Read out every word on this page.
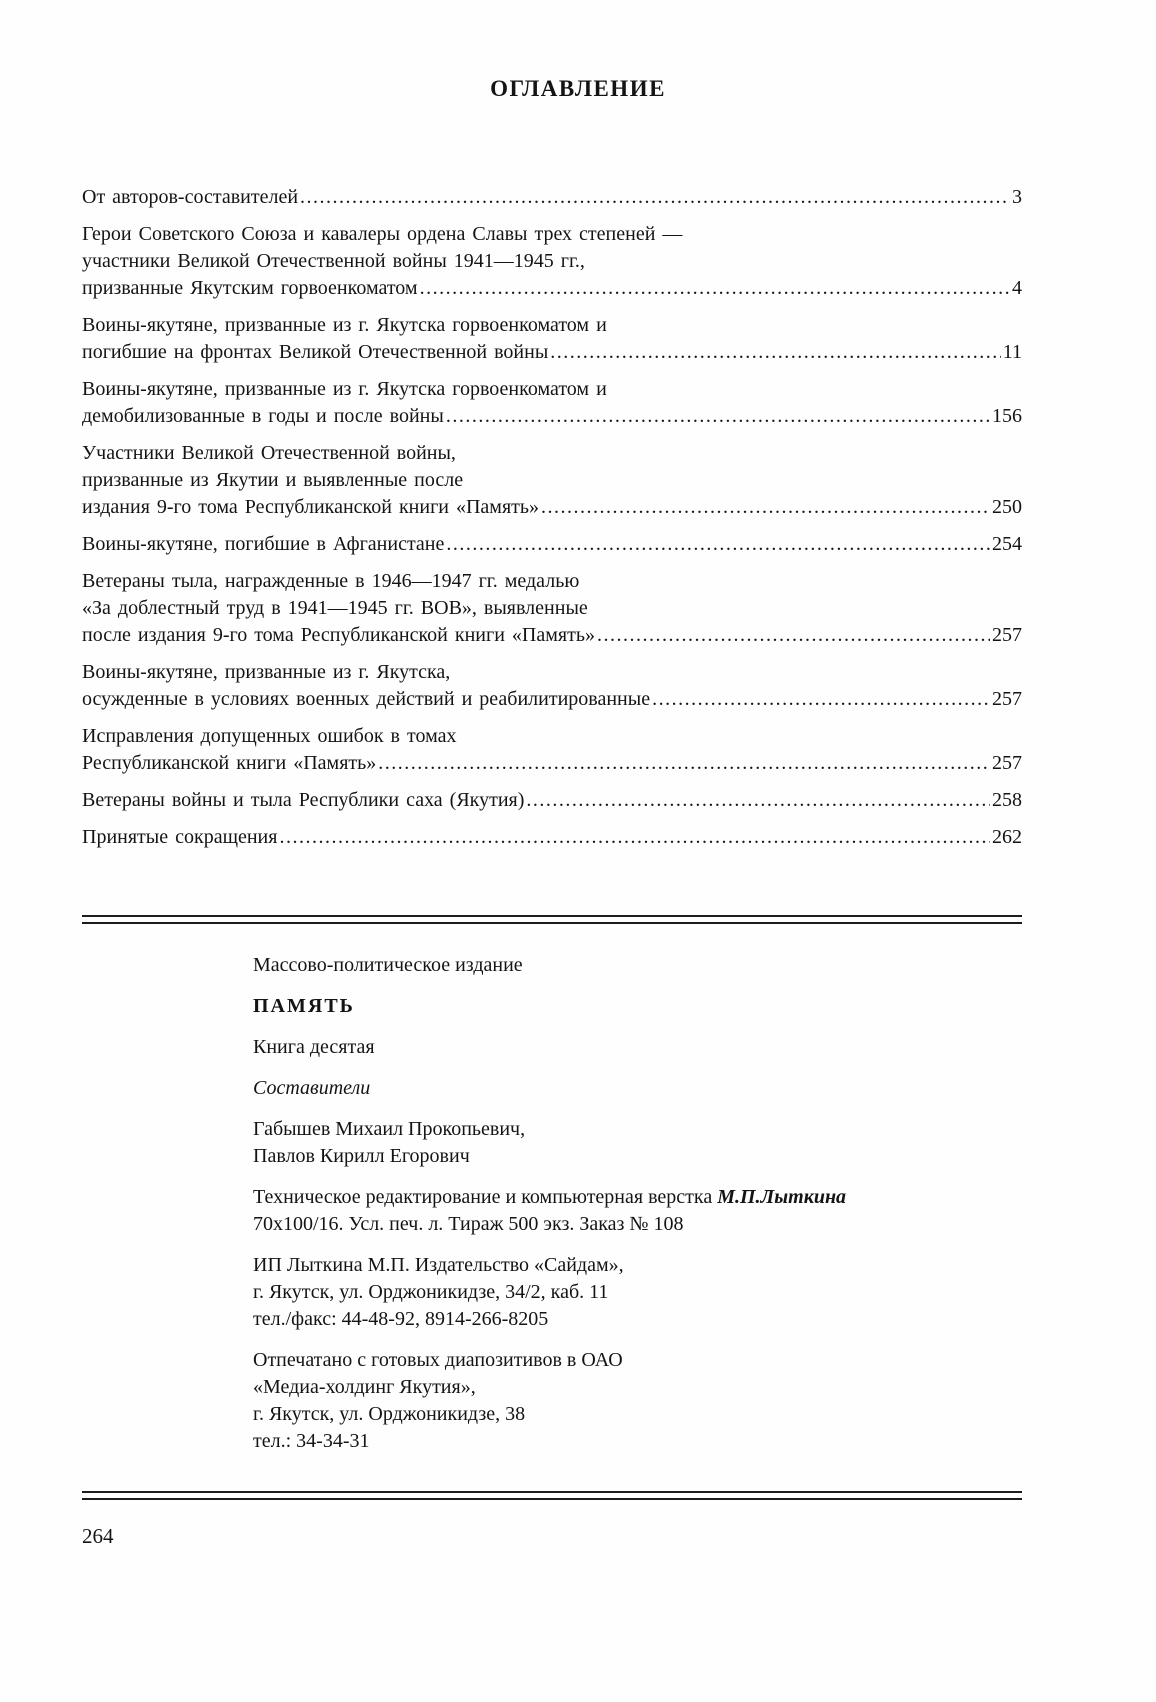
ОГЛАВЛЕНИЕ
От авторов-составителей .....	3
Герои Советского Союза и кавалеры ордена Славы трех степеней —
участники Великой Отечественной войны 1941—1945 гг.,
призванные Якутским горвоенкоматом .....	4
Воины-якутяне, призванные из г. Якутска горвоенкоматом и
погибшие на фронтах Великой Отечественной войны .....	11
Воины-якутяне, призванные из г. Якутска горвоенкоматом и
демобилизованные в годы и после войны .....	156
Участники Великой Отечественной войны,
призванные из Якутии и выявленные после
издания 9-го тома Республиканской книги «Память» .....	250
Воины-якутяне, погибшие в Афганистане .....	254
Ветераны тыла, награжденные в 1946—1947 гг. медалью
«За доблестный труд в 1941—1945 гг. ВОВ», выявленные
после издания 9-го тома Республиканской книги «Память» .....	257
Воины-якутяне, призванные из г. Якутска,
осужденные в условиях военных действий и реабилитированные .....	257
Исправления допущенных ошибок в томах
Республиканской книги «Память» .....	257
Ветераны войны и тыла Республики саха (Якутия) .....	258
Принятые сокращения .....	262

Массово-политическое издание

ПАМЯТЬ

Книга десятая

Составители

Габышев Михаил Прокопьевич,

Павлов Кирилл Егорович

Техническое редактирование и компьютерная верстка М.П.Лыткина

70х100/16. Усл. печ. л. Тираж 500 экз. Заказ № 108

ИП Лыткина М.П. Издательство «Сайдам»,

г. Якутск, ул. Орджоникидзе, 34/2, каб. 11

тел./факс: 44-48-92, 8914-266-8205

Отпечатано с готовых диапозитивов в ОАО

«Медиа-холдинг Якутия»,

г. Якутск, ул. Орджоникидзе, 38

тел.: 34-34-31

264
